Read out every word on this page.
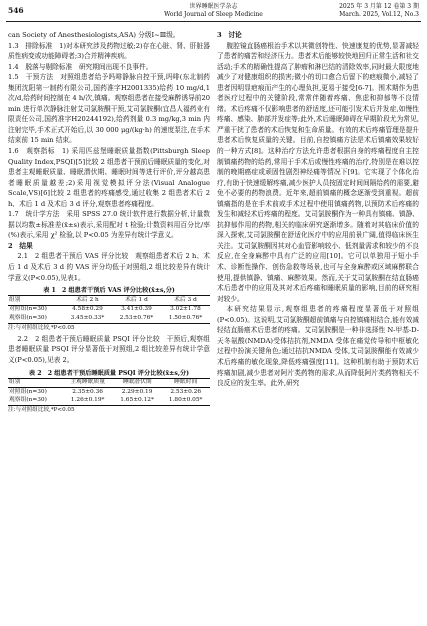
546	世界睡眠医学杂志
World Journal of Sleep Medicine
2025 年 3 月第 12 卷第 3 期
March. 2025, Vol.12, No.3

can Society of Anesthesiologists,ASA) 分级Ⅰ~Ⅲ级。

1.3　排除标准　1)对本研究涉及药物过敏;2)存在心脏、肾、肝脏器质性病变或功能障碍者;3)合并精神疾病。

1.4　脱落与剔除标准　研究期间出现不良事件。

1.5　干预方法　对照组患者给予吗啡静脉自控干预,吗啡(东北制药集团沈阳第一制药有限公司,国药准字H2001335)给药 10 mg/d,1 次/d,给药时间控制在 4 h/次,镇痛。观察组患者在接受麻醉诱导前20 min 进行单次静脉注射艾司氯胺酮干预,艾司氯胺酮(宜昌人福药业有限责任公司,国药准字H20244192),给药剂量 0.3 mg/kg,3 min 内注射完毕,手术正式开始后,以 30 000 μg/(kg·h) 的速度泵注,在手术结束前 15 min 结束。

1.6　观察指标　1) 采用匹兹堡睡眠质量指数(Pittsburgh Sleep Quality Index,PSQI)[5]比较 2 组患者干预前后睡眠质量的变化,对患者主观睡眠质量、睡眠潜伏期、睡眠时间等进行评价,评分越高患者睡眠质量越差;2)采用视觉模拟评分法(Visual Analogue Scale,VS)[6]比较 2 组患者的疼痛感受,通过收集 2 组患者术后 2 h、术后 1 d 及术后 3 d 评分,观察患者疼痛程度。

1.7　统计学方法　采用 SPSS 27.0 统计软件进行数据分析,计量数据以均数±标准差(x̄±s)表示,采用配对 t 检验;计数资料用百分比/率(%)表示,采用 χ² 检验,以 P<0.05 为差异有统计学意义。

2　结果

2.1　2 组患者干预后 VAS 评分比较　观察组患者术后 2 h、术后 1 d 及术后 3 d 的 VAS 评分均低于对照组,2 组比较差异有统计学意义(P<0.05),见表1。

表 1　2 组患者干预后 VAS 评分比较(x̄±s,分)
组别	术后 2 h	术后 1 d	术后 3 d
对照组(n=30)	4.58±0.29	3.41±0.39	3.02±1.78
观察组(n=30)	3.45±0.33*	2.53±0.76*	1.50±0.76*
注:与对照组比较,*P<0.05

2.2　2 组患者干预后睡眠质量 PSQI 评分比较　干预后,观察组患者睡眠质量 PSQI 评分显著低于对照组,2 组比较差异有统计学意义(P<0.05),见表 2。

表 2　2 组患者干预后睡眠质量 PSQI 评分比较(x̄±s,分)
组别	主观睡眠质量	睡眠潜伏期	睡眠时间
对照组(n=30)	2.35±0.36	2.29±0.19	2.53±0.26
观察组(n=30)	1.26±0.19*	1.65±0.12*	1.80±0.05*
注:与对照组比较,*P<0.05

3　讨论

腹腔镜直肠癌根治手术以其微创特性、快速康复的优势,显著减轻了患者的痛苦和经济压力。患者术后能够较快地回归正常生活和社交活动;手术的精确性提高了肿瘤和淋巴结的清除效率,同时最大限度地减少了对健康组织的损害;微小的切口愈合后留下的疤痕微小,减轻了患者因明显疤痕而产生的心理负担,更易于接受[6-7]。围术期作为患者医疗过程中的关键阶段,常常伴随着疼痛、焦虑和抑郁等不良情绪。术后疼痛不仅影响患者的舒适度,还可能引发术后并发症,如慢性疼痛、感染、肺部并发症等;此外,术后睡眠障碍在早期阶段尤为常见,严重干扰了患者的术后恢复和生命质量。有效的术后疼痛管理是提升患者术后恢复质量的关键。目前,自控镇痛方法是术后镇痛效果较好的一种方式[8]。这种治疗方法允许患者根据自身的疼痛程度自主控制镇痛药物的给药,常用于手术后或慢性疼痛的治疗,特别是在难以控制的晚期癌症或顽固性剧烈神经痛等情况下[9]。它实现了个体化治疗,有助于快速缓解疼痛,减少医护人员按固定时间间隔给药的需要,避免不必要的药物浪费。近年来,超前镇痛的概念逐渐受到重视。超前镇痛指的是在手术前或手术过程中使用镇痛药物,以预防术后疼痛的发生和减轻术后疼痛的程度。艾司氯胺酮作为一种具有镇痛、镇静、抗抑郁作用的药物,相关的临床研究逐渐增多。随着对其临床价值的深入探索,艾司氯胺酮在舒适化医疗中的应用前景广阔,值得临床医生关注。艾司氯胺酮因其对心血管影响较小、低剂量需求和较少的不良反应,在全身麻醉中具有广泛的应用[10]。它可以单独用于短小手术、诊断性操作、创伤急救等场景,也可与全身麻醉或区域麻醉联合使用,提供镇静、镇痛、麻醉效果。然而,关于艾司氯胺酮在结直肠癌术后患者中的应用及其对术后疼痛和睡眠质量的影响,目前的研究相对较少。

本研究结果显示,观察组患者的疼痛程度显著低于对照组(P<0.05)。这说明,艾司氯胺酮超前镇痛与自控镇痛相结合,能有效减轻结直肠癌术后患者的疼痛。艾司氯胺酮是一种非选择性 N-甲基-D-天冬氨酸(NMDA)受体拮抗剂,NMDA 受体在痛觉传导和中枢敏化过程中扮演关键角色;通过拮抗NMDA 受体,艾司氯胺酮能有效减少术后疼痛的敏化现象,降低疼痛强度[11]。这种机制有助于预防术后疼痛加剧,减少患者对阿片类药物的需求,从而降低阿片类药物相关不良反应的发生率。此外,研究
